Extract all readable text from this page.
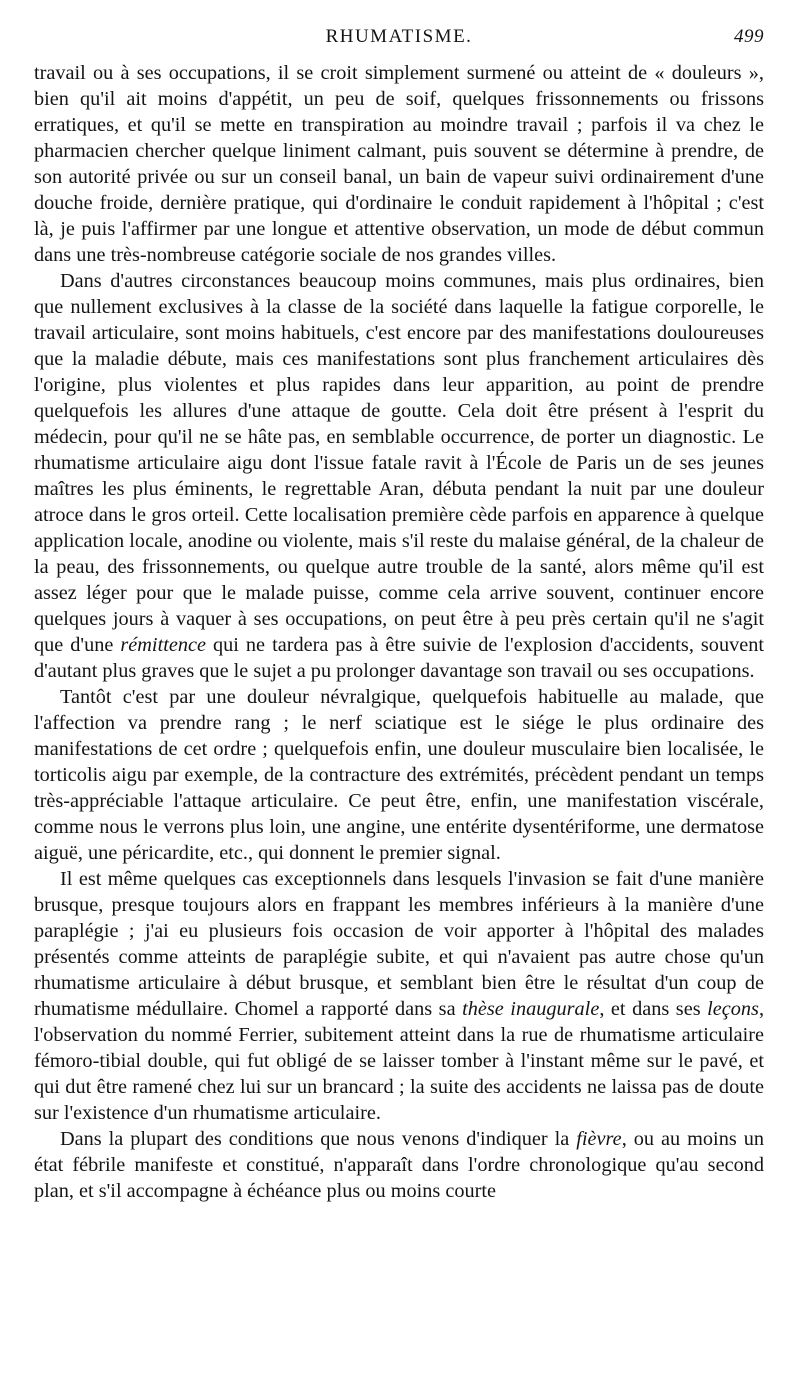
RHUMATISME.	499

travail ou à ses occupations, il se croit simplement surmené ou atteint de « douleurs », bien qu'il ait moins d'appétit, un peu de soif, quelques frissonnements ou frissons erratiques, et qu'il se mette en transpiration au moindre travail ; parfois il va chez le pharmacien chercher quelque liniment calmant, puis souvent se détermine à prendre, de son autorité privée ou sur un conseil banal, un bain de vapeur suivi ordinairement d'une douche froide, dernière pratique, qui d'ordinaire le conduit rapidement à l'hôpital ; c'est là, je puis l'affirmer par une longue et attentive observation, un mode de début commun dans une très-nombreuse catégorie sociale de nos grandes villes.

Dans d'autres circonstances beaucoup moins communes, mais plus ordinaires, bien que nullement exclusives à la classe de la société dans laquelle la fatigue corporelle, le travail articulaire, sont moins habituels, c'est encore par des manifestations douloureuses que la maladie débute, mais ces manifestations sont plus franchement articulaires dès l'origine, plus violentes et plus rapides dans leur apparition, au point de prendre quelquefois les allures d'une attaque de goutte. Cela doit être présent à l'esprit du médecin, pour qu'il ne se hâte pas, en semblable occurrence, de porter un diagnostic. Le rhumatisme articulaire aigu dont l'issue fatale ravit à l'École de Paris un de ses jeunes maîtres les plus éminents, le regrettable Aran, débuta pendant la nuit par une douleur atroce dans le gros orteil. Cette localisation première cède parfois en apparence à quelque application locale, anodine ou violente, mais s'il reste du malaise général, de la chaleur de la peau, des frissonnements, ou quelque autre trouble de la santé, alors même qu'il est assez léger pour que le malade puisse, comme cela arrive souvent, continuer encore quelques jours à vaquer à ses occupations, on peut être à peu près certain qu'il ne s'agit que d'une rémittence qui ne tardera pas à être suivie de l'explosion d'accidents, souvent d'autant plus graves que le sujet a pu prolonger davantage son travail ou ses occupations.

Tantôt c'est par une douleur névralgique, quelquefois habituelle au malade, que l'affection va prendre rang ; le nerf sciatique est le siége le plus ordinaire des manifestations de cet ordre ; quelquefois enfin, une douleur musculaire bien localisée, le torticolis aigu par exemple, de la contracture des extrémités, précèdent pendant un temps très-appréciable l'attaque articulaire. Ce peut être, enfin, une manifestation viscérale, comme nous le verrons plus loin, une angine, une entérite dysentériforme, une dermatose aiguë, une péricardite, etc., qui donnent le premier signal.

Il est même quelques cas exceptionnels dans lesquels l'invasion se fait d'une manière brusque, presque toujours alors en frappant les membres inférieurs à la manière d'une paraplégie ; j'ai eu plusieurs fois occasion de voir apporter à l'hôpital des malades présentés comme atteints de paraplégie subite, et qui n'avaient pas autre chose qu'un rhumatisme articulaire à début brusque, et semblant bien être le résultat d'un coup de rhumatisme médullaire. Chomel a rapporté dans sa thèse inaugurale, et dans ses leçons, l'observation du nommé Ferrier, subitement atteint dans la rue de rhumatisme articulaire fémoro-tibial double, qui fut obligé de se laisser tomber à l'instant même sur le pavé, et qui dut être ramené chez lui sur un brancard ; la suite des accidents ne laissa pas de doute sur l'existence d'un rhumatisme articulaire.

Dans la plupart des conditions que nous venons d'indiquer la fièvre, ou au moins un état fébrile manifeste et constitué, n'apparaît dans l'ordre chronologique qu'au second plan, et s'il accompagne à échéance plus ou moins courte
